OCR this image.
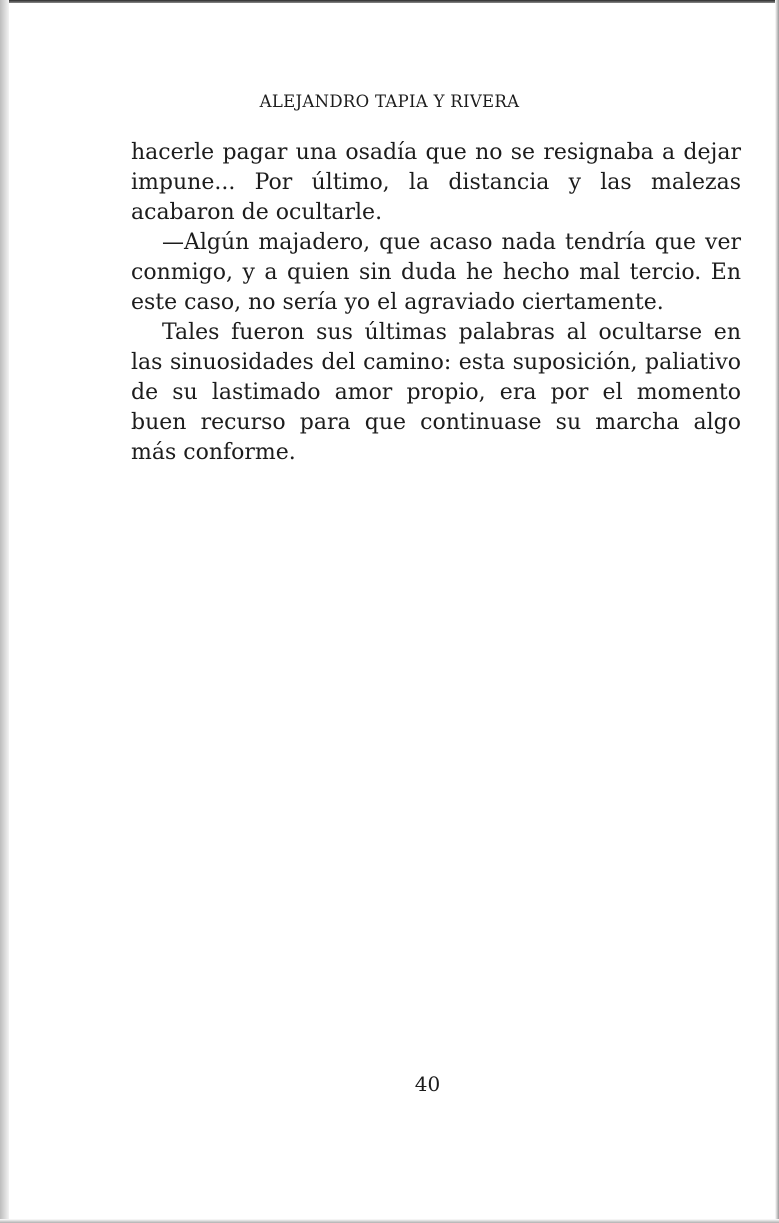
ALEJANDRO TAPIA Y RIVERA

hacerle pagar una osadía que no se resignaba a dejar impune... Por último, la distancia y las malezas acabaron de ocultarle.

—Algún majadero, que acaso nada tendría que ver conmigo, y a quien sin duda he hecho mal tercio. En este caso, no sería yo el agraviado ciertamente.

Tales fueron sus últimas palabras al ocultarse en las sinuosidades del camino: esta suposición, paliativo de su lastimado amor propio, era por el momento buen recurso para que continuase su marcha algo más conforme.

40
